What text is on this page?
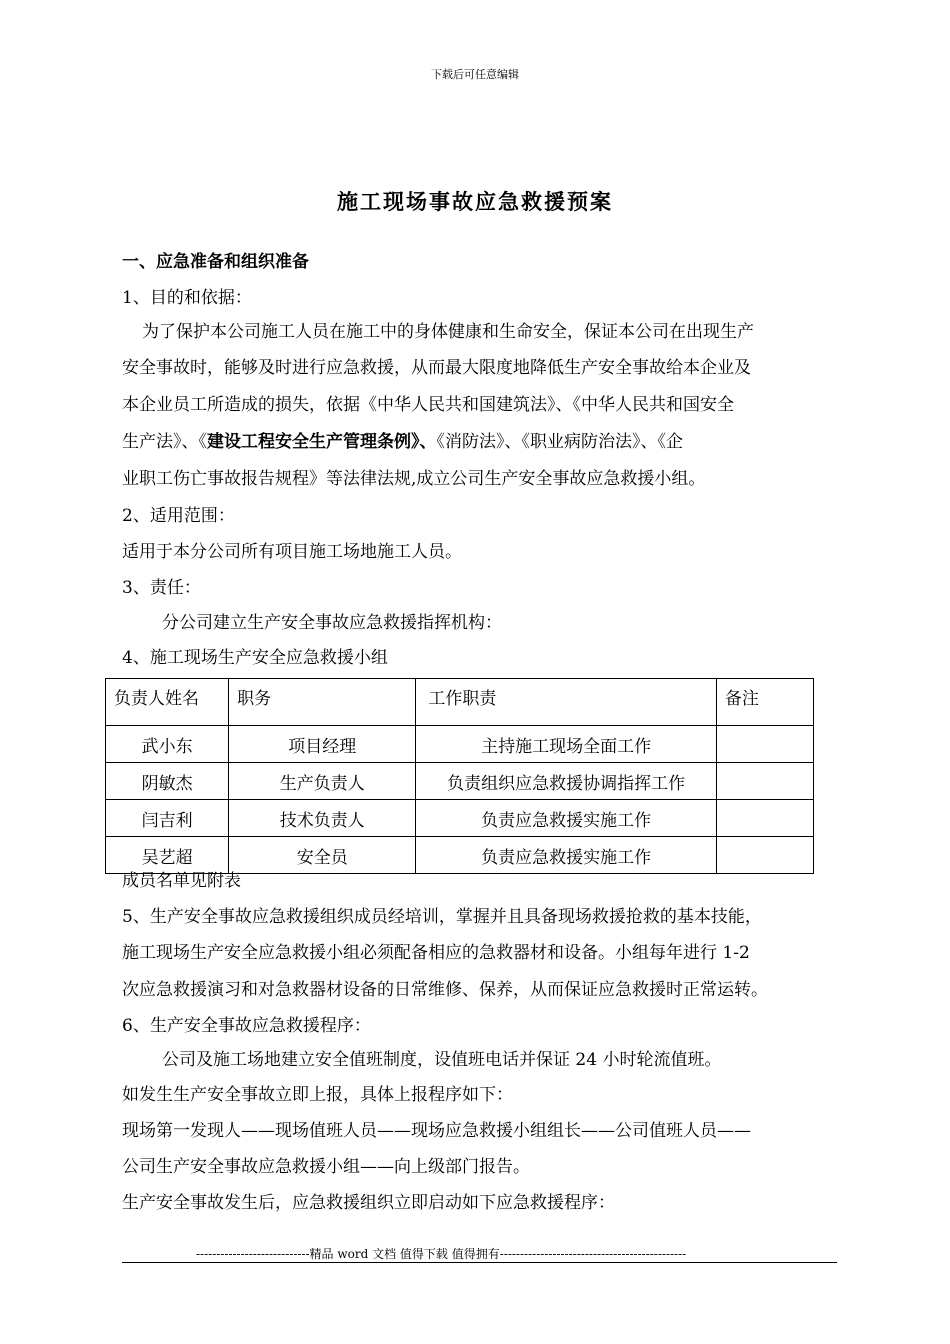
下载后可任意编辑
施工现场事故应急救援预案
一、应急准备和组织准备
1、目的和依据：
为了保护本公司施工人员在施工中的身体健康和生命安全，保证本公司在出现生产
安全事故时，能够及时进行应急救援，从而最大限度地降低生产安全事故给本企业及
本企业员工所造成的损失，依据《中华人民共和国建筑法》、《中华人民共和国安全
生产法》、《建设工程安全生产管理条例》、《消防法》、《职业病防治法》、《企
业职工伤亡事故报告规程》等法律法规,成立公司生产安全事故应急救援小组。
2、适用范围：
适用于本分公司所有项目施工场地施工人员。
3、责任：
分公司建立生产安全事故应急救援指挥机构：
4、施工现场生产安全应急救援小组
负责人姓名	职务	工作职责	备注
武小东	项目经理	主持施工现场全面工作	
阴敏杰	生产负责人	负责组织应急救援协调指挥工作	
闫吉利	技术负责人	负责应急救援实施工作	
吴艺超	安全员	负责应急救援实施工作	
成员名单见附表
5、生产安全事故应急救援组织成员经培训，掌握并且具备现场救援抢救的基本技能，
施工现场生产安全应急救援小组必须配备相应的急救器材和设备。小组每年进行 1-2
次应急救援演习和对急救器材设备的日常维修、保养，从而保证应急救援时正常运转。
6、生产安全事故应急救援程序：
公司及施工场地建立安全值班制度，设值班电话并保证 24 小时轮流值班。
如发生生产安全事故立即上报，具体上报程序如下：
现场第一发现人——现场值班人员——现场应急救援小组组长——公司值班人员——
公司生产安全事故应急救援小组——向上级部门报告。
生产安全事故发生后，应急救援组织立即启动如下应急救援程序：
----------------------------精品 word 文档 值得下载 值得拥有----------------------------------------------
